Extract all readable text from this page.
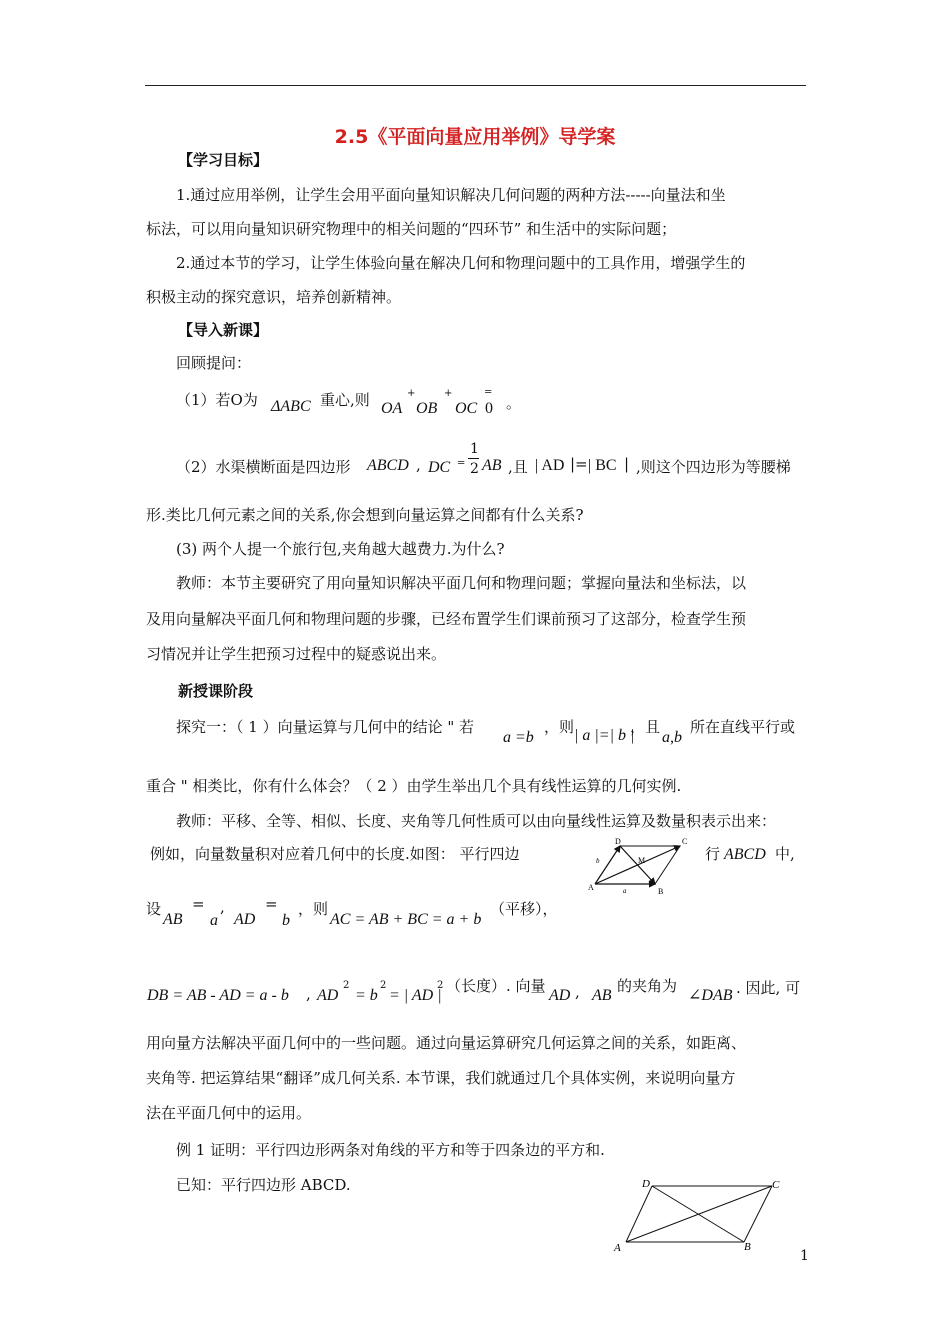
2.5《平面向量应用举例》导学案
【学习目标】
1.通过应用举例，让学生会用平面向量知识解决几何问题的两种方法-----向量法和坐
标法，可以用向量知识研究物理中的相关问题的“四环节” 和生活中的实际问题；
2.通过本节的学习，让学生体验向量在解决几何和物理问题中的工具作用，增强学生的
积极主动的探究意识，培养创新精神。
【导入新课】
回顾提问：
（1）若O为 ΔABC 重心,则 OA
+
OB
+
OC
=
0 。
（2）水渠横断面是四边形 ABCD , DC =
1
2 AB ,且 | AD |= | BC | ,则这个四边形为等腰梯
形.类比几何元素之间的关系,你会想到向量运算之间都有什么关系?
(3) 两个人提一个旅行包,夹角越大越费力.为什么?
教师：本节主要研究了用向量知识解决平面几何和物理问题；掌握向量法和坐标法，以
及用向量解决平面几何和物理问题的步骤，已经布置学生们课前预习了这部分，检查学生预
习情况并让学生把预习过程中的疑惑说出来。
新授课阶段
探究一：（ 1 ）向量运算与几何中的结论 " 若
a =b
，则 | a |=| b |
，且
a,b
所在直线平行或
重合 " 相类比，你有什么体会？（ 2 ）由学生举出几个具有线性运算的几何实例.
教师：平移、全等、相似、长度、夹角等几何性质可以由向量线性运算及数量积表示出来：
例如，向量数量积对应着几何中的长度.如图： 平行四边	行 ABCD 中,
D	C
M
A	B
a
b
设
AB
=
a
,
AD
=
b
，则
AC = AB + BC = a + b
（平移），
DB = AB - AD = a - b , AD
2
= b
2
= | AD |
2 （长度）. 向量
AD , AB
的夹角为
∠DAB . 因此, 可
用向量方法解决平面几何中的一些问题。通过向量运算研究几何运算之间的关系，如距离、
夹角等. 把运算结果“翻译”成几何关系. 本节课，我们就通过几个具体实例，来说明向量方
法在平面几何中的运用。
例 1 证明：平行四边形两条对角线的平方和等于四条边的平方和.
已知：平行四边形 ABCD.	D	C
A	B
1
